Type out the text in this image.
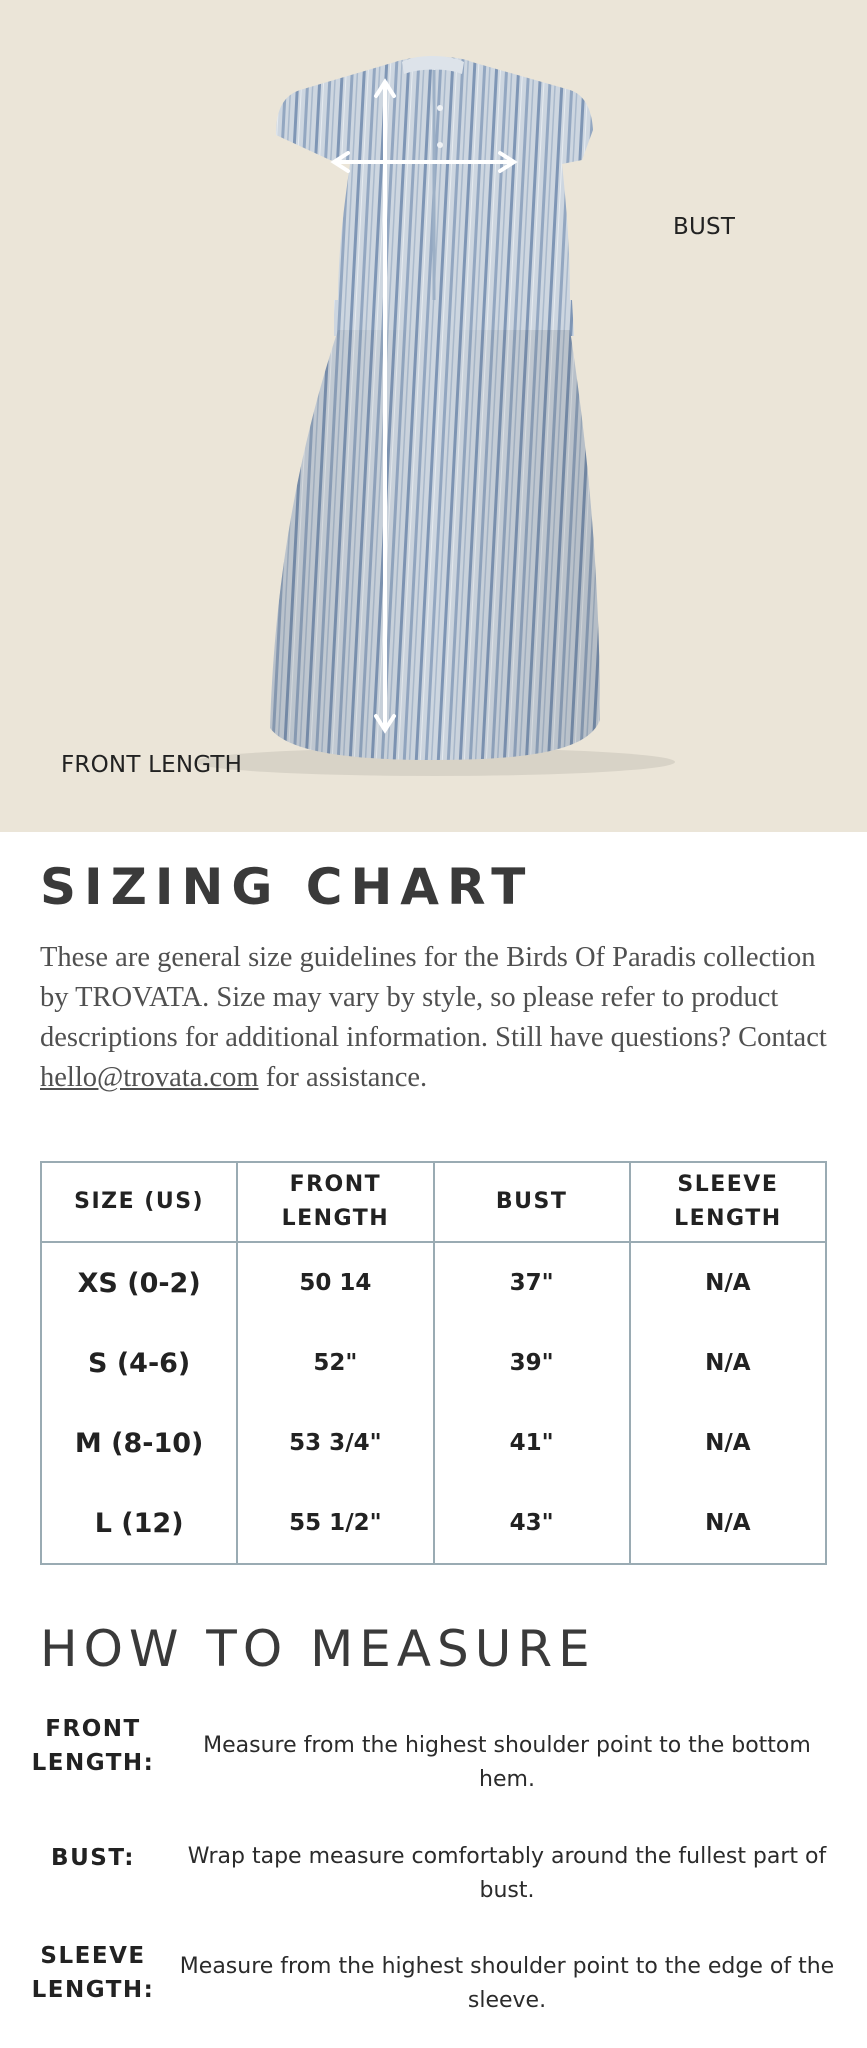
BUST
FRONT LENGTH
SIZING CHART

These are general size guidelines for the Birds Of Paradis collection by TROVATA. Size may vary by style, so please refer to product descriptions for additional information. Still have questions? Contact hello@trovata.com for assistance.

SIZE (US)	FRONT LENGTH	BUST	SLEEVE LENGTH
XS (0-2)	50 14	37"	N/A
S (4-6)	52"	39"	N/A
M (8-10)	53 3/4"	41"	N/A
L (12)	55 1/2"	43"	N/A
HOW TO MEASURE
FRONT LENGTH:
Measure from the highest shoulder point to the bottom hem.
BUST:	Wrap tape measure comfortably around the fullest part of bust.
SLEEVE LENGTH:
Measure from the highest shoulder point to the edge of the sleeve.
